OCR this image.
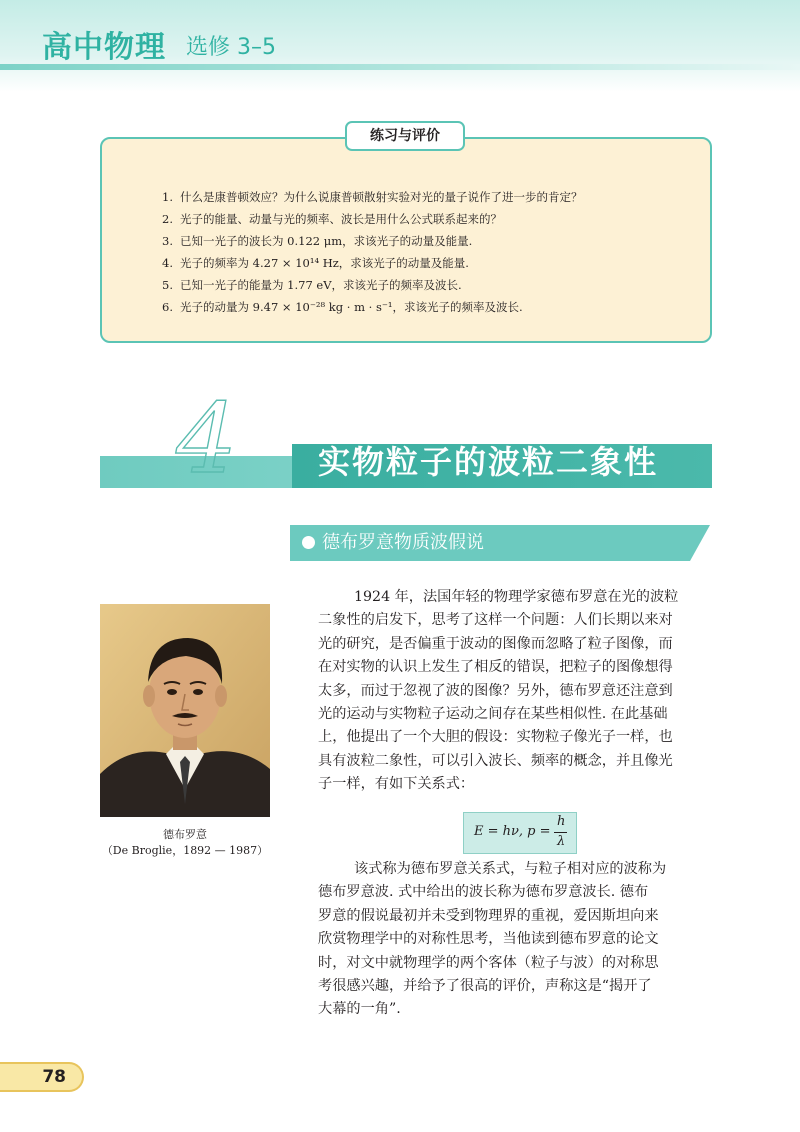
高中物理 选修 3–5
练习与评价
1. 什么是康普顿效应？为什么说康普顿散射实验对光的量子说作了进一步的肯定？
2. 光子的能量、动量与光的频率、波长是用什么公式联系起来的？
3. 已知一光子的波长为 0.122 μm，求该光子的动量及能量.
4. 光子的频率为 4.27 × 10¹⁴ Hz，求该光子的动量及能量.
5. 已知一光子的能量为 1.77 eV，求该光子的频率及波长.
6. 光子的动量为 9.47 × 10⁻²⁸ kg · m · s⁻¹，求该光子的频率及波长.
4	实物粒子的波粒二象性
德布罗意物质波假说
德布罗意
（De Broglie，1892 — 1987）
1924 年，法国年轻的物理学家德布罗意在光的波粒
二象性的启发下，思考了这样一个问题：人们长期以来对
光的研究，是否偏重于波动的图像而忽略了粒子图像，而
在对实物的认识上发生了相反的错误，把粒子的图像想得
太多，而过于忽视了波的图像？另外，德布罗意还注意到
光的运动与实物粒子运动之间存在某些相似性. 在此基础
上，他提出了一个大胆的假设：实物粒子像光子一样，也
具有波粒二象性，可以引入波长、频率的概念，并且像光
子一样，有如下关系式：
E = hν, p =
h
λ
该式称为德布罗意关系式，与粒子相对应的波称为
德布罗意波. 式中给出的波长称为德布罗意波长. 德布
罗意的假说最初并未受到物理界的重视，爱因斯坦向来
欣赏物理学中的对称性思考，当他读到德布罗意的论文
时，对文中就物理学的两个客体（粒子与波）的对称思
考很感兴趣，并给予了很高的评价，声称这是“揭开了
大幕的一角”.
78
